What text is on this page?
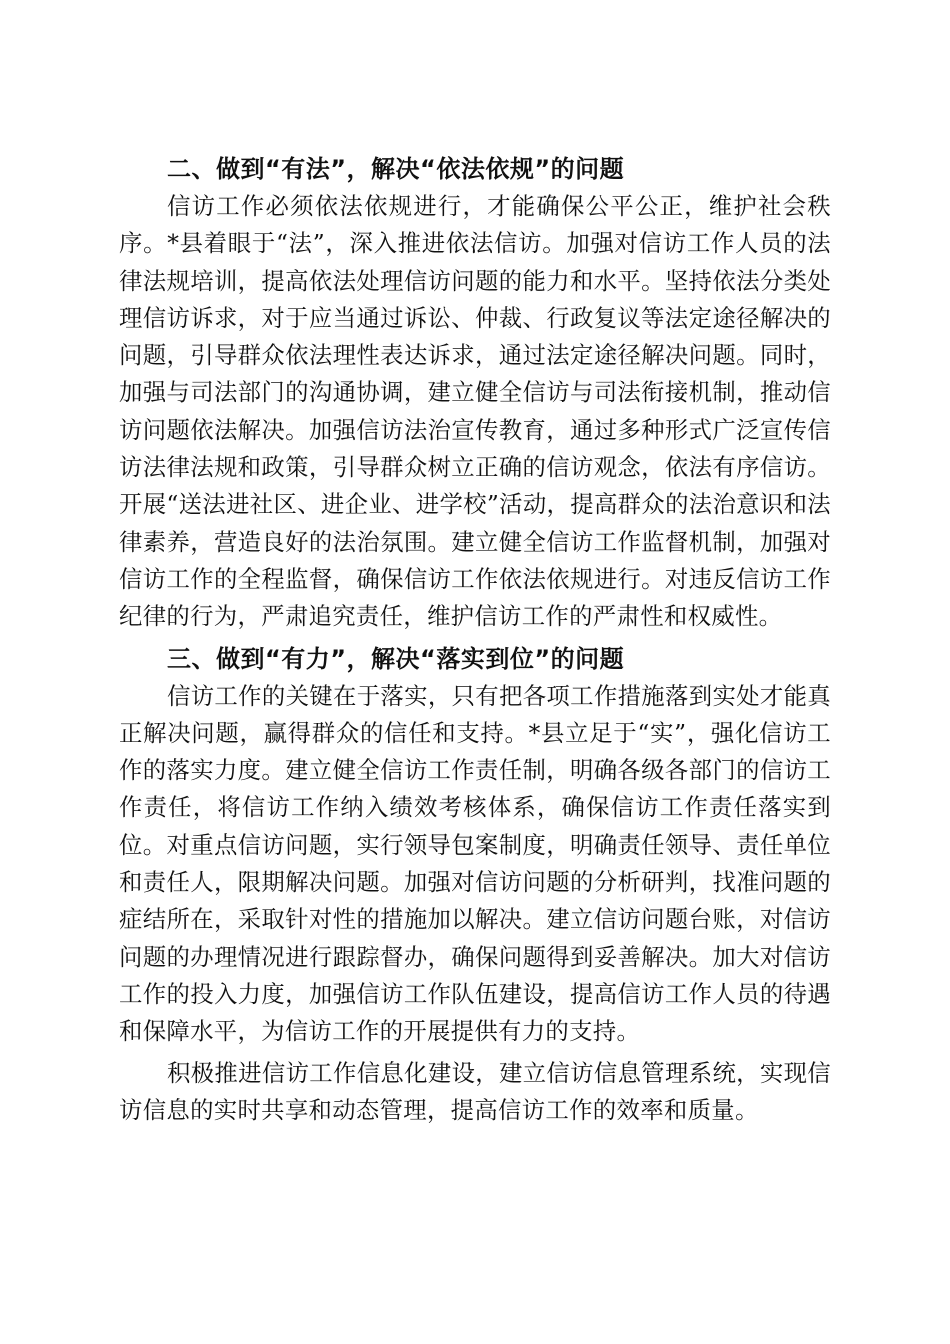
二、做到“有法”，解决“依法依规”的问题

信访工作必须依法依规进行，才能确保公平公正，维护社会秩序。*县着眼于“法”，深入推进依法信访。加强对信访工作人员的法律法规培训，提高依法处理信访问题的能力和水平。坚持依法分类处理信访诉求，对于应当通过诉讼、仲裁、行政复议等法定途径解决的问题，引导群众依法理性表达诉求，通过法定途径解决问题。同时，加强与司法部门的沟通协调，建立健全信访与司法衔接机制，推动信访问题依法解决。加强信访法治宣传教育，通过多种形式广泛宣传信访法律法规和政策，引导群众树立正确的信访观念，依法有序信访。开展“送法进社区、进企业、进学校”活动，提高群众的法治意识和法律素养，营造良好的法治氛围。建立健全信访工作监督机制，加强对信访工作的全程监督，确保信访工作依法依规进行。对违反信访工作纪律的行为，严肃追究责任，维护信访工作的严肃性和权威性。

三、做到“有力”，解决“落实到位”的问题

信访工作的关键在于落实，只有把各项工作措施落到实处才能真正解决问题，赢得群众的信任和支持。*县立足于“实”，强化信访工作的落实力度。建立健全信访工作责任制，明确各级各部门的信访工作责任，将信访工作纳入绩效考核体系，确保信访工作责任落实到位。对重点信访问题，实行领导包案制度，明确责任领导、责任单位和责任人，限期解决问题。加强对信访问题的分析研判，找准问题的症结所在，采取针对性的措施加以解决。建立信访问题台账，对信访问题的办理情况进行跟踪督办，确保问题得到妥善解决。加大对信访工作的投入力度，加强信访工作队伍建设，提高信访工作人员的待遇和保障水平，为信访工作的开展提供有力的支持。

积极推进信访工作信息化建设，建立信访信息管理系统，实现信访信息的实时共享和动态管理，提高信访工作的效率和质量。
